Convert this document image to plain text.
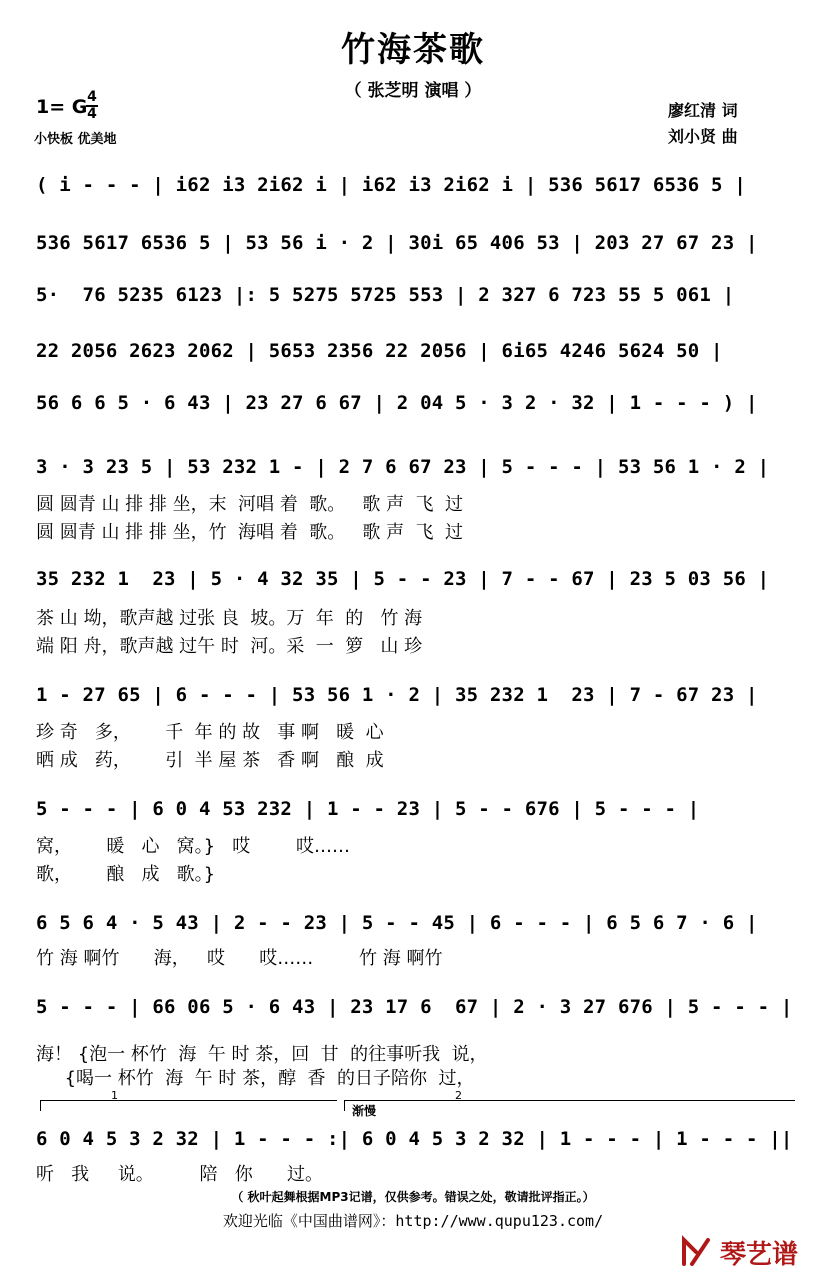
竹海茶歌
（ 张芝明 演唱 ）
1= G 4
4
小快板 优美地
廖红清 词
刘小贤 曲
( i - - - | i62 i3 2i62 i | i62 i3 2i62 i | 536 5617 6536 5 |
536 5617 6536 5 | 53 56 i · 2 | 30i 65 406 53 | 203 27 67 23 |
5·  76 5235 6123 |: 5 5275 5725 553 | 2 327 6 723 55 5 061 |
22 2056 2623 2062 | 5653 2356 22 2056 | 6i65 4246 5624 50 |
56 6 6 5 · 6 43 | 23 27 6 67 | 2 04 5 · 3 2 · 32 | 1 - - - ) |
3 · 3 23 5 | 53 232 1 - | 2 7 6 67 23 | 5 - - - | 53 56 1 · 2 |
圆 圆青 山 排 排 坐，末  河唱 着  歌。   歌 声  飞  过
圆 圆青 山 排 排 坐，竹  海唱 着  歌。   歌 声  飞  过
35 232 1  23 | 5 · 4 32 35 | 5 - - 23 | 7 - - 67 | 23 5 03 56 |
茶 山 坳，歌声越 过张 良  坡。万  年  的   竹 海
端 阳 舟，歌声越 过午 时  河。采  一  箩   山 珍
1 - 27 65 | 6 - - - | 53 56 1 · 2 | 35 232 1  23 | 7 - 67 23 |
珍 奇   多，      千  年 的 故   事 啊   暖  心
晒 成   药，      引  半 屋 茶   香 啊   酿  成
5 - - - | 6 0 4 53 232 | 1 - - 23 | 5 - - 676 | 5 - - - |
窝，      暖   心   窝。}   哎        哎……
歌，      酿   成   歌。}
6 5 6 4 · 5 43 | 2 - - 23 | 5 - - 45 | 6 - - - | 6 5 6 7 · 6 |
竹 海 啊竹      海，   哎      哎……        竹 海 啊竹
5 - - - | 66 06 5 · 6 43 | 23 17 6  67 | 2 · 3 27 676 | 5 - - - |
海！ {泡一 杯竹  海  午 时 茶，回  甘  的往事听我  说，
{喝一 杯竹  海  午 时 茶，醇  香  的日子陪你  过，
1	2
渐慢
6 0 4 5 3 2 32 | 1 - - - :| 6 0 4 5 3 2 32 | 1 - - - | 1 - - - ||
听   我     说。        陪   你      过。
（ 秋叶起舞根据MP3记谱，仅供参考。错误之处，敬请批评指正。）
欢迎光临《中国曲谱网》：http://www.qupu123.com/
琴艺谱
